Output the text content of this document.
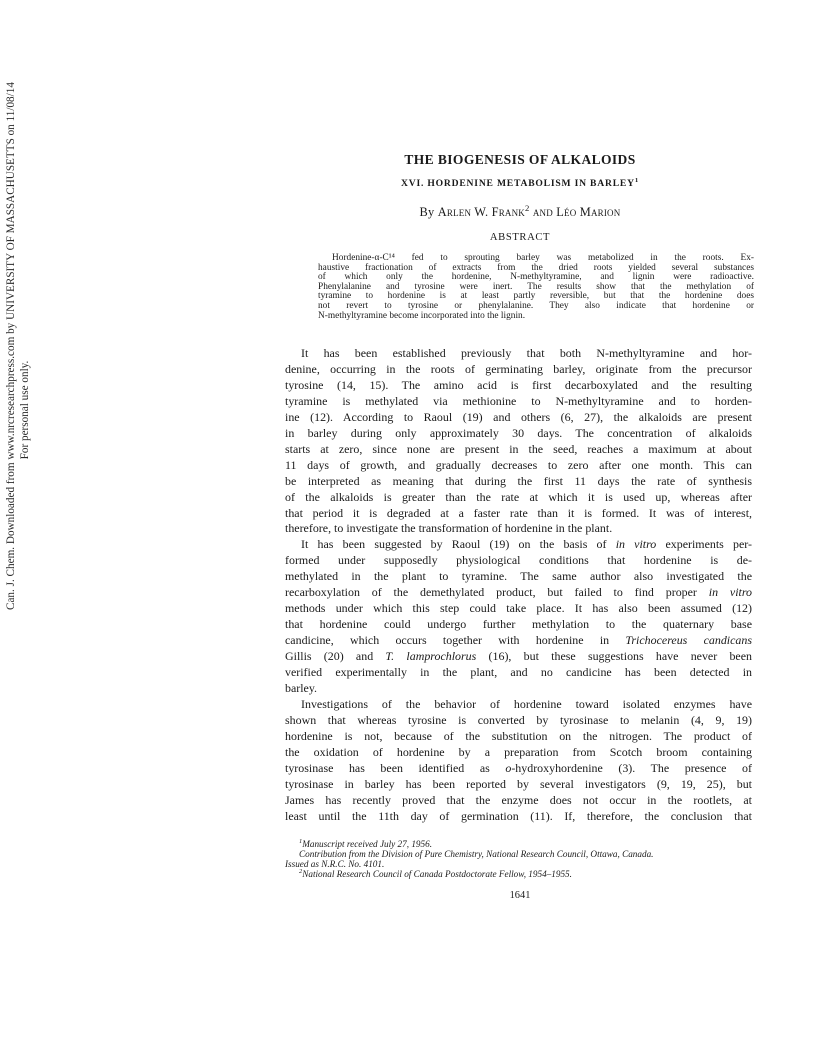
Can. J. Chem. Downloaded from www.nrcresearchpress.com by UNIVERSITY OF MASSACHUSETTS on 11/08/14 For personal use only.
THE BIOGENESIS OF ALKALOIDS
XVI. HORDENINE METABOLISM IN BARLEY$^1$
By Arlen W. Frank$^2$ and Léo Marion
ABSTRACT
Hordenine-α-C¹⁴ fed to sprouting barley was metabolized in the roots. Ex-
haustive fractionation of extracts from the dried roots yielded several substances
of which only the hordenine, N-methyltyramine, and lignin were radioactive.
Phenylalanine and tyrosine were inert. The results show that the methylation of
tyramine to hordenine is at least partly reversible, but that the hordenine does
not revert to tyrosine or phenylalanine. They also indicate that hordenine or
N-methyltyramine become incorporated into the lignin.
It has been established previously that both N-methyltyramine and hor-
denine, occurring in the roots of germinating barley, originate from the precursor
tyrosine (14, 15). The amino acid is first decarboxylated and the resulting
tyramine is methylated via methionine to N-methyltyramine and to horden-
ine (12). According to Raoul (19) and others (6, 27), the alkaloids are present
in barley during only approximately 30 days. The concentration of alkaloids
starts at zero, since none are present in the seed, reaches a maximum at about
11 days of growth, and gradually decreases to zero after one month. This can
be interpreted as meaning that during the first 11 days the rate of synthesis
of the alkaloids is greater than the rate at which it is used up, whereas after
that period it is degraded at a faster rate than it is formed. It was of interest,
therefore, to investigate the transformation of hordenine in the plant.
It has been suggested by Raoul (19) on the basis of in vitro experiments per-
formed under supposedly physiological conditions that hordenine is de-
methylated in the plant to tyramine. The same author also investigated the
recarboxylation of the demethylated product, but failed to find proper in vitro
methods under which this step could take place. It has also been assumed (12)
that hordenine could undergo further methylation to the quaternary base
candicine, which occurs together with hordenine in Trichocereus candicans
Gillis (20) and T. lamprochlorus (16), but these suggestions have never been
verified experimentally in the plant, and no candicine has been detected in
barley.
Investigations of the behavior of hordenine toward isolated enzymes have
shown that whereas tyrosine is converted by tyrosinase to melanin (4, 9, 19)
hordenine is not, because of the substitution on the nitrogen. The product of
the oxidation of hordenine by a preparation from Scotch broom containing
tyrosinase has been identified as o-hydroxyhordenine (3). The presence of
tyrosinase in barley has been reported by several investigators (9, 19, 25), but
James has recently proved that the enzyme does not occur in the rootlets, at
least until the 11th day of germination (11). If, therefore, the conclusion that
$^1$Manuscript received July 27, 1956.
Contribution from the Division of Pure Chemistry, National Research Council, Ottawa, Canada.
Issued as N.R.C. No. 4101.
$^2$National Research Council of Canada Postdoctorate Fellow, 1954–1955.
1641
